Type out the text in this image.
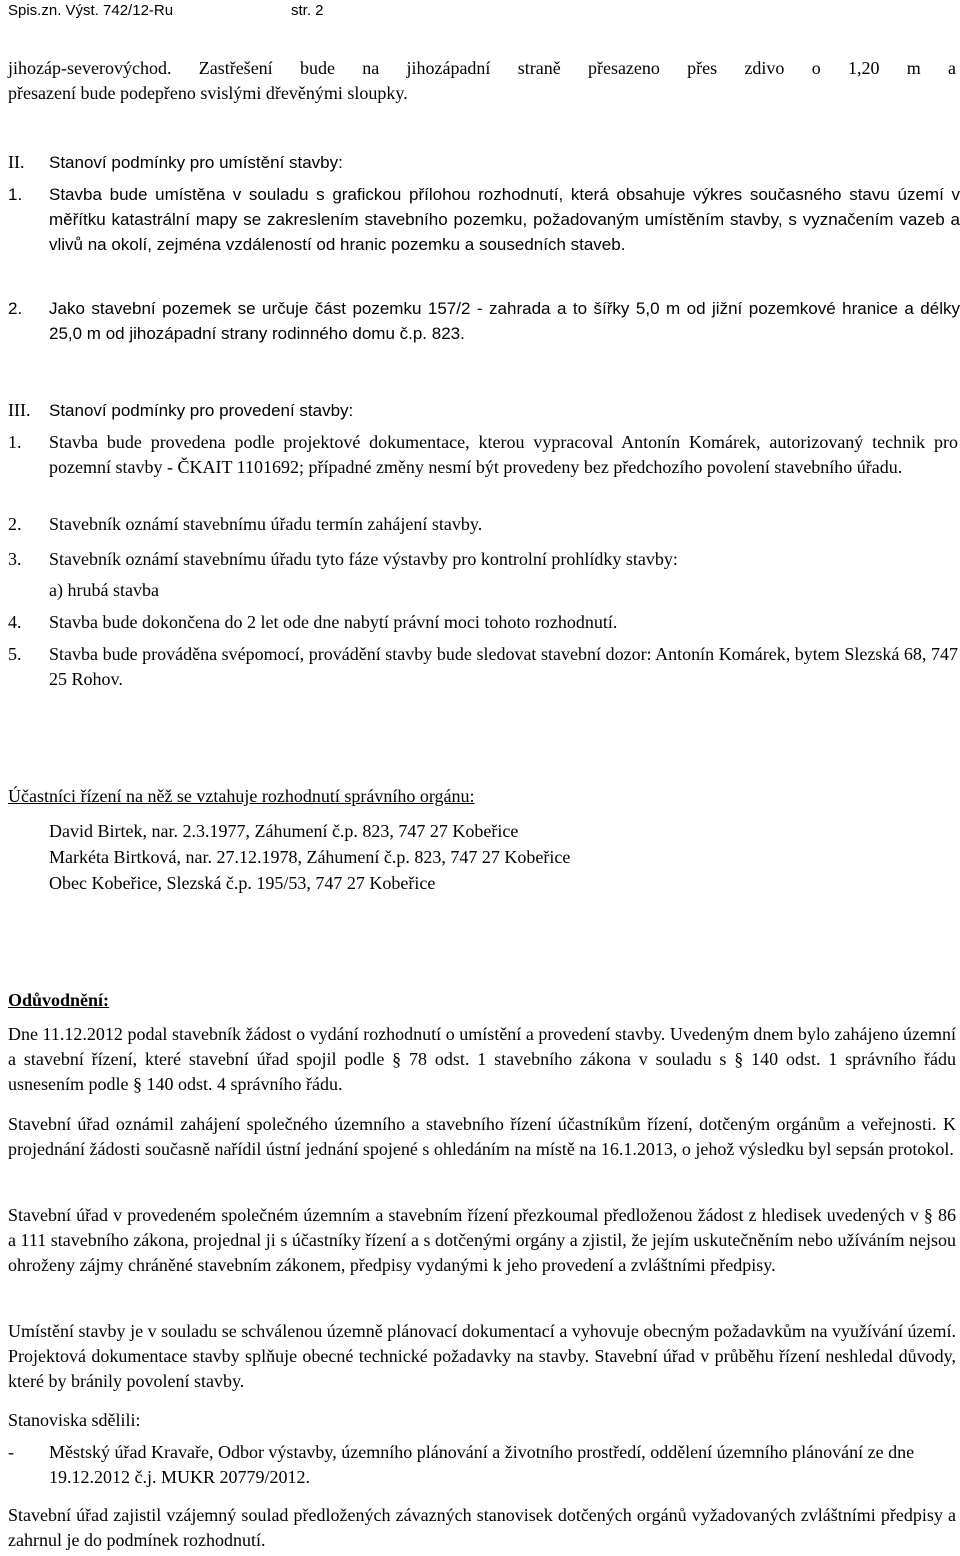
Spis.zn. Výst. 742/12-Ru	str. 2
jihozáp-severovýchod. Zastřešení bude na jihozápadní straně přesazeno přes zdivo o 1,20 m a
přesazení bude podepřeno svislými dřevěnými sloupky.
II.	Stanoví podmínky pro umístění stavby:
1.	Stavba bude umístěna v souladu s grafickou přílohou rozhodnutí, která obsahuje výkres současného stavu území v měřítku katastrální mapy se zakreslením stavebního pozemku, požadovaným umístěním stavby, s vyznačením vazeb a vlivů na okolí, zejména vzdáleností od hranic pozemku a sousedních staveb.
2.	Jako stavební pozemek se určuje část pozemku 157/2 - zahrada a to šířky 5,0 m od jižní pozemkové hranice a délky 25,0 m od jihozápadní strany rodinného domu č.p. 823.
III.	Stanoví podmínky pro provedení stavby:
1.	Stavba bude provedena podle projektové dokumentace, kterou vypracoval Antonín Komárek, autorizovaný technik pro pozemní stavby - ČKAIT 1101692; případné změny nesmí být provedeny bez předchozího povolení stavebního úřadu.
2.	Stavebník oznámí stavebnímu úřadu termín zahájení stavby.
3.	Stavebník oznámí stavebnímu úřadu tyto fáze výstavby pro kontrolní prohlídky stavby:
a) hrubá stavba
4.	Stavba bude dokončena do 2 let ode dne nabytí právní moci tohoto rozhodnutí.
5.	Stavba bude prováděna svépomocí, provádění stavby bude sledovat stavební dozor: Antonín Komárek, bytem Slezská 68, 747 25 Rohov.
Účastníci řízení na něž se vztahuje rozhodnutí správního orgánu:
David Birtek, nar. 2.3.1977, Záhumení č.p. 823, 747 27 Kobeřice
Markéta Birtková, nar. 27.12.1978, Záhumení č.p. 823, 747 27 Kobeřice
Obec Kobeřice, Slezská č.p. 195/53, 747 27 Kobeřice
Odůvodnění:
Dne 11.12.2012 podal stavebník žádost o vydání rozhodnutí o umístění a provedení stavby. Uvedeným dnem bylo zahájeno územní a stavební řízení, které stavební úřad spojil podle § 78 odst. 1 stavebního zákona v souladu s § 140 odst. 1 správního řádu usnesením podle § 140 odst. 4 správního řádu.
Stavební úřad oznámil zahájení společného územního a stavebního řízení účastníkům řízení, dotčeným orgánům a veřejnosti. K projednání žádosti současně nařídil ústní jednání spojené s ohledáním na místě na 16.1.2013, o jehož výsledku byl sepsán protokol.
Stavební úřad v provedeném společném územním a stavebním řízení přezkoumal předloženou žádost z hledisek uvedených v § 86 a 111 stavebního zákona, projednal ji s účastníky řízení a s dotčenými orgány a zjistil, že jejím uskutečněním nebo užíváním nejsou ohroženy zájmy chráněné stavebním zákonem, předpisy vydanými k jeho provedení a zvláštními předpisy.
Umístění stavby je v souladu se schválenou územně plánovací dokumentací a vyhovuje obecným požadavkům na využívání území. Projektová dokumentace stavby splňuje obecné technické požadavky na stavby. Stavební úřad v průběhu řízení neshledal důvody, které by bránily povolení stavby.
Stanoviska sdělili:
- Městský úřad Kravaře, Odbor výstavby, územního plánování a životního prostředí, oddělení územního plánování ze dne 19.12.2012 č.j. MUKR 20779/2012.
Stavební úřad zajistil vzájemný soulad předložených závazných stanovisek dotčených orgánů vyžadovaných zvláštními předpisy a zahrnul je do podmínek rozhodnutí.
